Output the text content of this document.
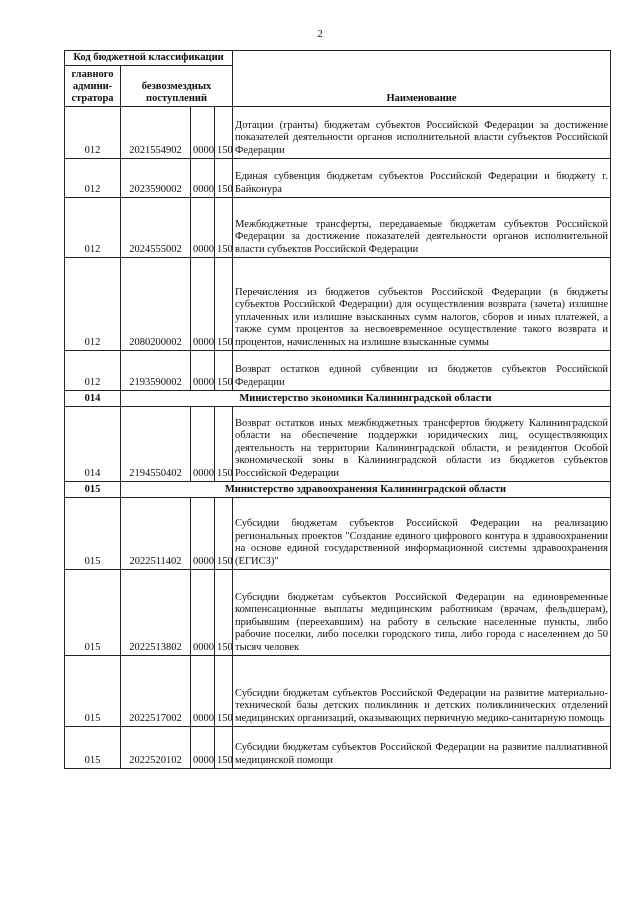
2
Код бюджетной классификации				Наименование
главного админи-стратора	безвозмездных поступлений			
012	2021554902	0000	150	Дотации (гранты) бюджетам субъектов Российской Федерации за достижение показателей деятельности органов исполнительной власти субъектов Российской Федерации
012	2023590002	0000	150	Единая субвенция бюджетам субъектов Российской Федерации и бюджету г. Байконура
012	2024555002	0000	150	Межбюджетные трансферты, передаваемые бюджетам субъектов Российской Федерации за достижение показателей деятельности органов исполнительной власти субъектов Российской Федерации
012	2080200002	0000	150	Перечисления из бюджетов субъектов Российской Федерации (в бюджеты субъектов Российской Федерации) для осуществления возврата (зачета) излишне уплаченных или излишне взысканных сумм налогов, сборов и иных платежей, а также сумм процентов за несвоевременное осуществление такого возврата и процентов, начисленных на излишне взысканные суммы
012	2193590002	0000	150	Возврат остатков единой субвенции из бюджетов субъектов Российской Федерации
014	Министерство экономики Калининградской области			
014	2194550402	0000	150	Возврат остатков иных межбюджетных трансфертов бюджету Калининградской области на обеспечение поддержки юридических лиц, осуществляющих деятельность на территории Калининградской области, и резидентов Особой экономической зоны в Калининградской области из бюджетов субъектов Российской Федерации
015	Министерство здравоохранения Калининградской области			
015	2022511402	0000	150	Субсидии бюджетам субъектов Российской Федерации на реализацию региональных проектов "Создание единого цифрового контура в здравоохранении на основе единой государственной информационной системы здравоохранения (ЕГИСЗ)"
015	2022513802	0000	150	Субсидии бюджетам субъектов Российской Федерации на единовременные компенсационные выплаты медицинским работникам (врачам, фельдшерам), прибывшим (переехавшим) на работу в сельские населенные пункты, либо рабочие поселки, либо поселки городского типа, либо города с населением до 50 тысяч человек
015	2022517002	0000	150	Субсидии бюджетам субъектов Российской Федерации на развитие материально-технической базы детских поликлиник и детских поликлинических отделений медицинских организаций, оказывающих первичную медико-санитарную помощь
015	2022520102	0000	150	Субсидии бюджетам субъектов Российской Федерации на развитие паллиативной медицинской помощи
